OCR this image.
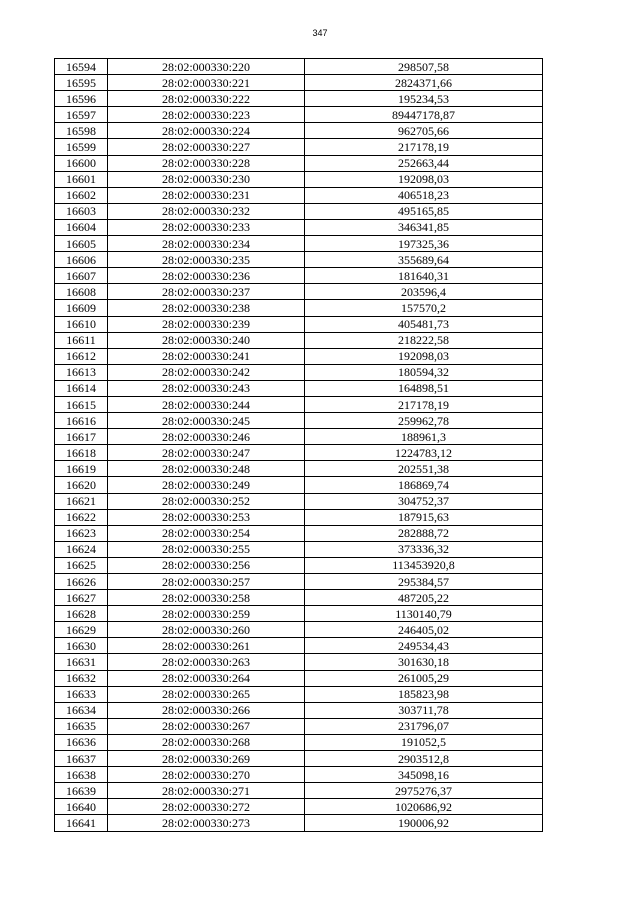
347
16594	28:02:000330:220	298507,58
16595	28:02:000330:221	2824371,66
16596	28:02:000330:222	195234,53
16597	28:02:000330:223	89447178,87
16598	28:02:000330:224	962705,66
16599	28:02:000330:227	217178,19
16600	28:02:000330:228	252663,44
16601	28:02:000330:230	192098,03
16602	28:02:000330:231	406518,23
16603	28:02:000330:232	495165,85
16604	28:02:000330:233	346341,85
16605	28:02:000330:234	197325,36
16606	28:02:000330:235	355689,64
16607	28:02:000330:236	181640,31
16608	28:02:000330:237	203596,4
16609	28:02:000330:238	157570,2
16610	28:02:000330:239	405481,73
16611	28:02:000330:240	218222,58
16612	28:02:000330:241	192098,03
16613	28:02:000330:242	180594,32
16614	28:02:000330:243	164898,51
16615	28:02:000330:244	217178,19
16616	28:02:000330:245	259962,78
16617	28:02:000330:246	188961,3
16618	28:02:000330:247	1224783,12
16619	28:02:000330:248	202551,38
16620	28:02:000330:249	186869,74
16621	28:02:000330:252	304752,37
16622	28:02:000330:253	187915,63
16623	28:02:000330:254	282888,72
16624	28:02:000330:255	373336,32
16625	28:02:000330:256	113453920,8
16626	28:02:000330:257	295384,57
16627	28:02:000330:258	487205,22
16628	28:02:000330:259	1130140,79
16629	28:02:000330:260	246405,02
16630	28:02:000330:261	249534,43
16631	28:02:000330:263	301630,18
16632	28:02:000330:264	261005,29
16633	28:02:000330:265	185823,98
16634	28:02:000330:266	303711,78
16635	28:02:000330:267	231796,07
16636	28:02:000330:268	191052,5
16637	28:02:000330:269	2903512,8
16638	28:02:000330:270	345098,16
16639	28:02:000330:271	2975276,37
16640	28:02:000330:272	1020686,92
16641	28:02:000330:273	190006,92
